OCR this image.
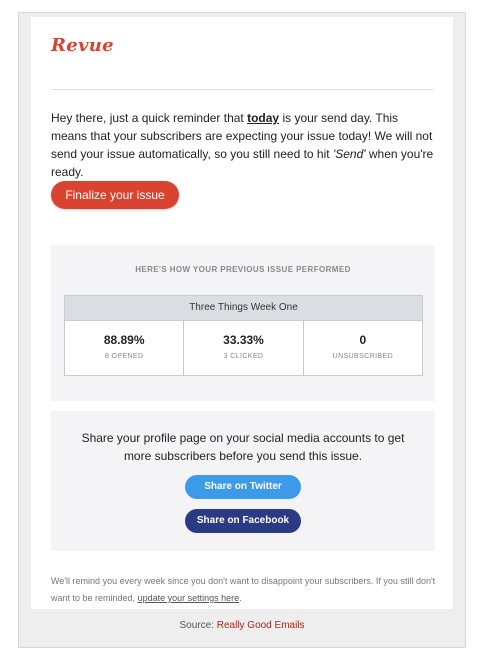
Revue

Hey there, just a quick reminder that today is your send day. This means that your subscribers are expecting your issue today! We will not send your issue automatically, so you still need to hit 'Send' when you're ready.

Finalize your issue
HERE'S HOW YOUR PREVIOUS ISSUE PERFORMED
Three Things Week One
88.89%
8 OPENED
33.33%
3 CLICKED
0
UNSUBSCRIBED
Share your profile page on your social media accounts to get more subscribers before you send this issue.
Share on Twitter
Share on Facebook

We'll remind you every week since you don't want to disappoint your subscribers. If you still don't want to be reminded, update your settings here.

Source: Really Good Emails
